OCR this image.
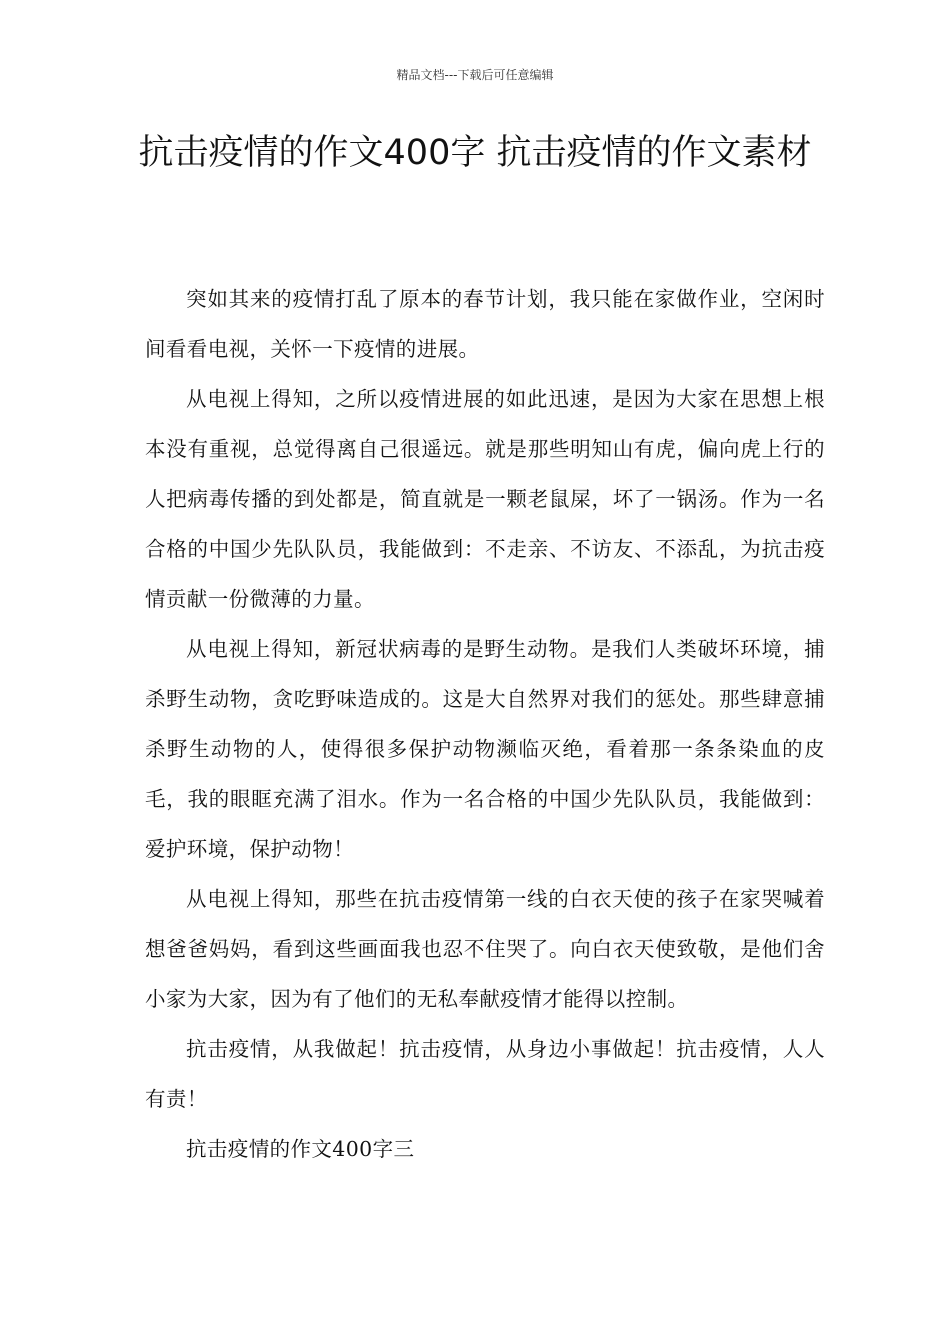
精品文档---下载后可任意编辑
抗击疫情的作文400字 抗击疫情的作文素材

突如其来的疫情打乱了原本的春节计划，我只能在家做作业，空闲时间看看电视，关怀一下疫情的进展。

从电视上得知，之所以疫情进展的如此迅速，是因为大家在思想上根本没有重视，总觉得离自己很遥远。就是那些明知山有虎，偏向虎上行的人把病毒传播的到处都是，简直就是一颗老鼠屎，坏了一锅汤。作为一名合格的中国少先队队员，我能做到：不走亲、不访友、不添乱，为抗击疫情贡献一份微薄的力量。

从电视上得知，新冠状病毒的是野生动物。是我们人类破坏环境，捕杀野生动物，贪吃野味造成的。这是大自然界对我们的惩处。那些肆意捕杀野生动物的人，使得很多保护动物濒临灭绝，看着那一条条染血的皮毛，我的眼眶充满了泪水。作为一名合格的中国少先队队员，我能做到：爱护环境，保护动物！

从电视上得知，那些在抗击疫情第一线的白衣天使的孩子在家哭喊着想爸爸妈妈，看到这些画面我也忍不住哭了。向白衣天使致敬，是他们舍小家为大家，因为有了他们的无私奉献疫情才能得以控制。

抗击疫情，从我做起！抗击疫情，从身边小事做起！抗击疫情，人人有责！

抗击疫情的作文400字三
